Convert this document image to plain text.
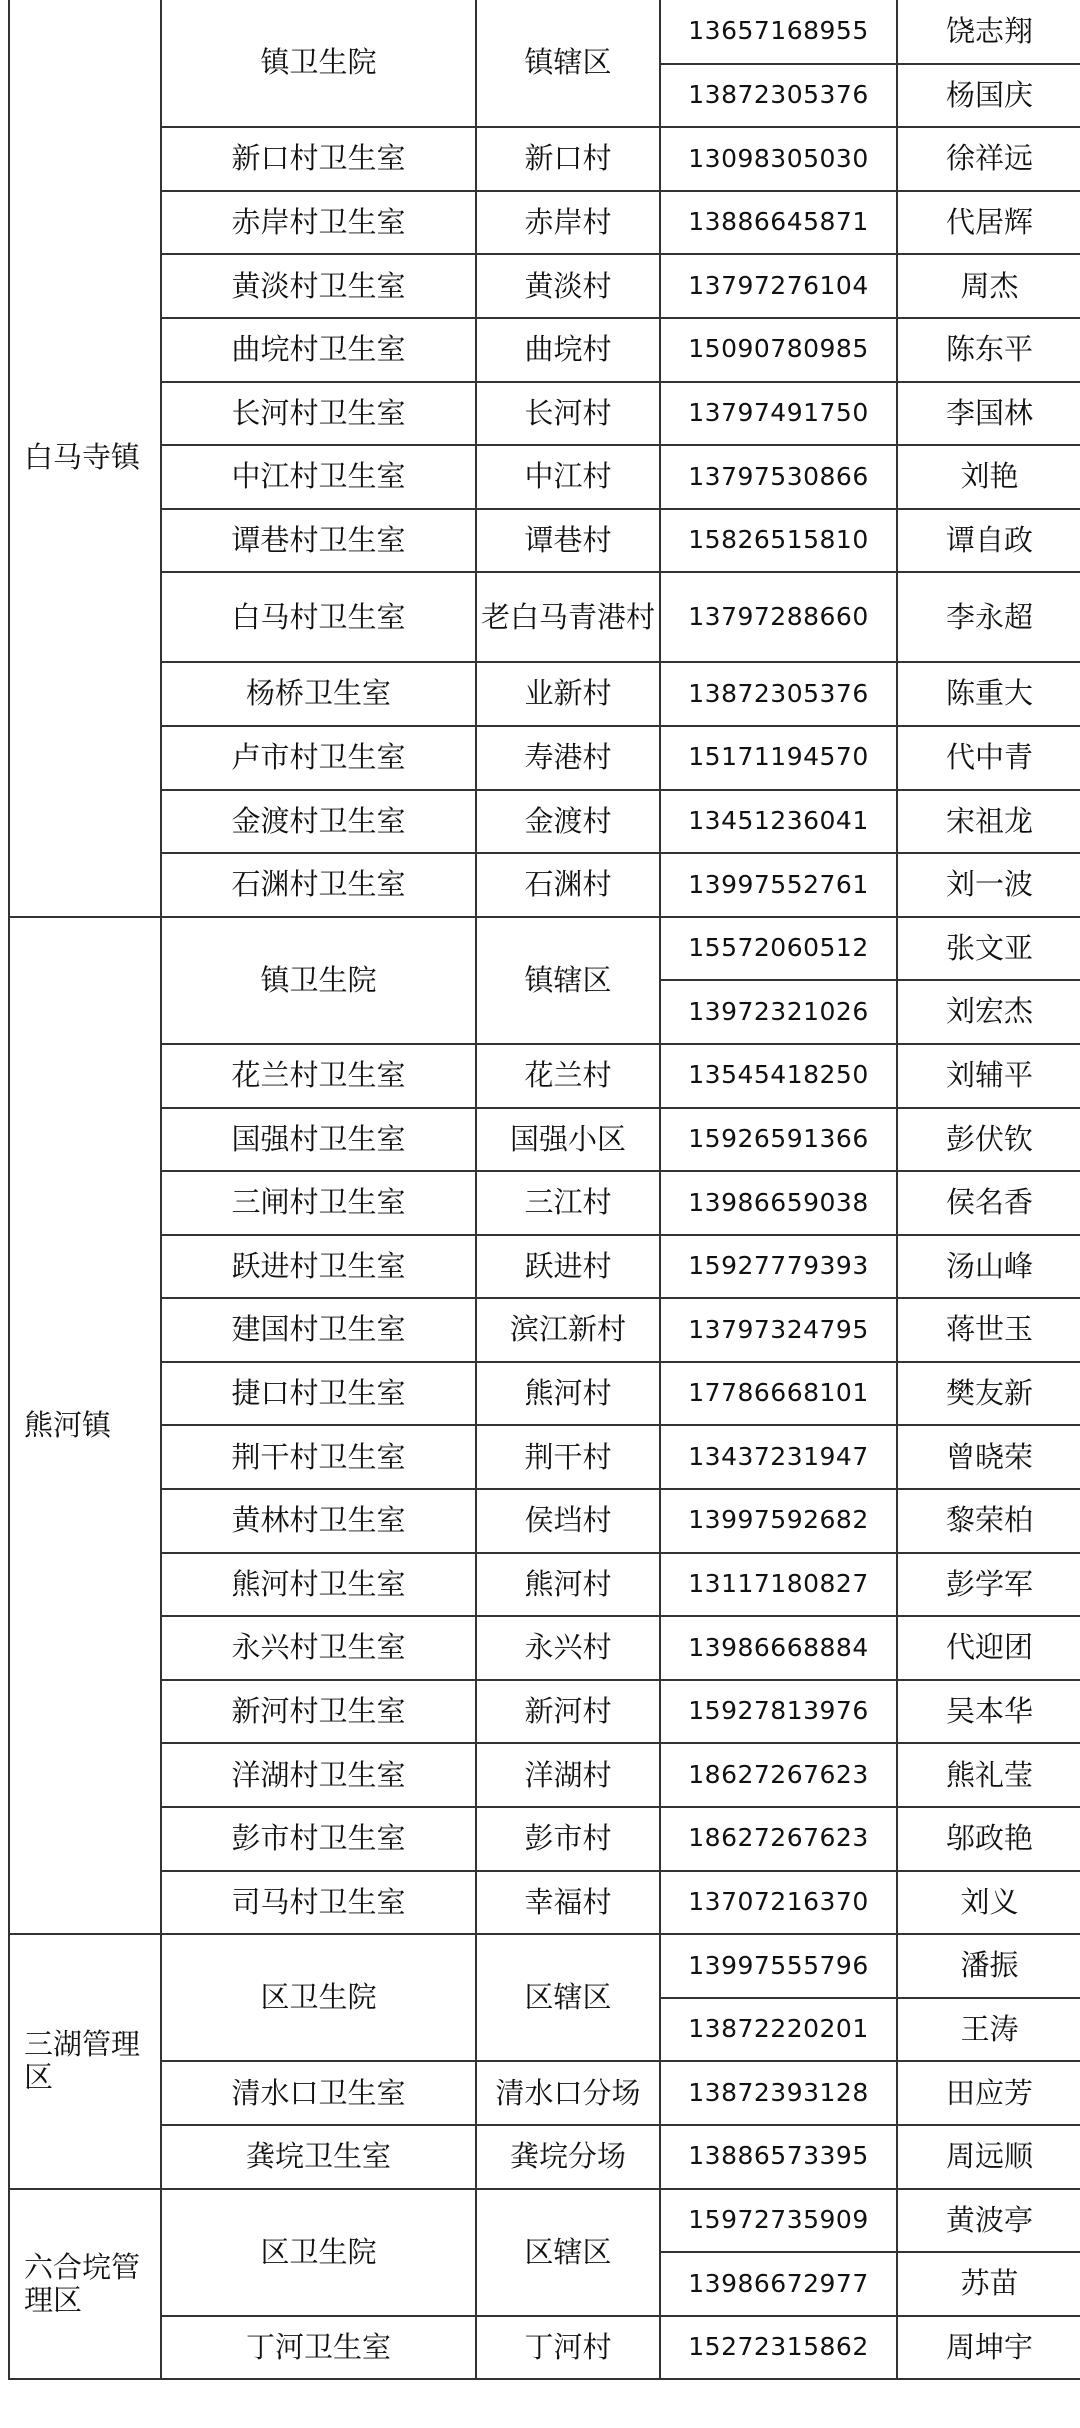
白马寺镇	镇卫生院	镇辖区	13657168955	饶志翔
			13872305376	杨国庆
	新口村卫生室	新口村	13098305030	徐祥远
	赤岸村卫生室	赤岸村	13886645871	代居辉
	黄淡村卫生室	黄淡村	13797276104	周杰
	曲垸村卫生室	曲垸村	15090780985	陈东平
	长河村卫生室	长河村	13797491750	李国林
	中江村卫生室	中江村	13797530866	刘艳
	谭巷村卫生室	谭巷村	15826515810	谭自政
	白马村卫生室	老白马青港村	13797288660	李永超
	杨桥卫生室	业新村	13872305376	陈重大
	卢市村卫生室	寿港村	15171194570	代中青
	金渡村卫生室	金渡村	13451236041	宋祖龙
	石渊村卫生室	石渊村	13997552761	刘一波
熊河镇	镇卫生院	镇辖区	15572060512	张文亚
			13972321026	刘宏杰
	花兰村卫生室	花兰村	13545418250	刘辅平
	国强村卫生室	国强小区	15926591366	彭伏钦
	三闸村卫生室	三江村	13986659038	侯名香
	跃进村卫生室	跃进村	15927779393	汤山峰
	建国村卫生室	滨江新村	13797324795	蒋世玉
	捷口村卫生室	熊河村	17786668101	樊友新
	荆干村卫生室	荆干村	13437231947	曾晓荣
	黄林村卫生室	侯垱村	13997592682	黎荣柏
	熊河村卫生室	熊河村	13117180827	彭学军
	永兴村卫生室	永兴村	13986668884	代迎团
	新河村卫生室	新河村	15927813976	吴本华
	洋湖村卫生室	洋湖村	18627267623	熊礼莹
	彭市村卫生室	彭市村	18627267623	邬政艳
	司马村卫生室	幸福村	13707216370	刘义
三湖管理区	区卫生院	区辖区	13997555796	潘振
			13872220201	王涛
	清水口卫生室	清水口分场	13872393128	田应芳
	龚垸卫生室	龚垸分场	13886573395	周远顺
六合垸管理区	区卫生院	区辖区	15972735909	黄波亭
			13986672977	苏苗
	丁河卫生室	丁河村	15272315862	周坤宇
